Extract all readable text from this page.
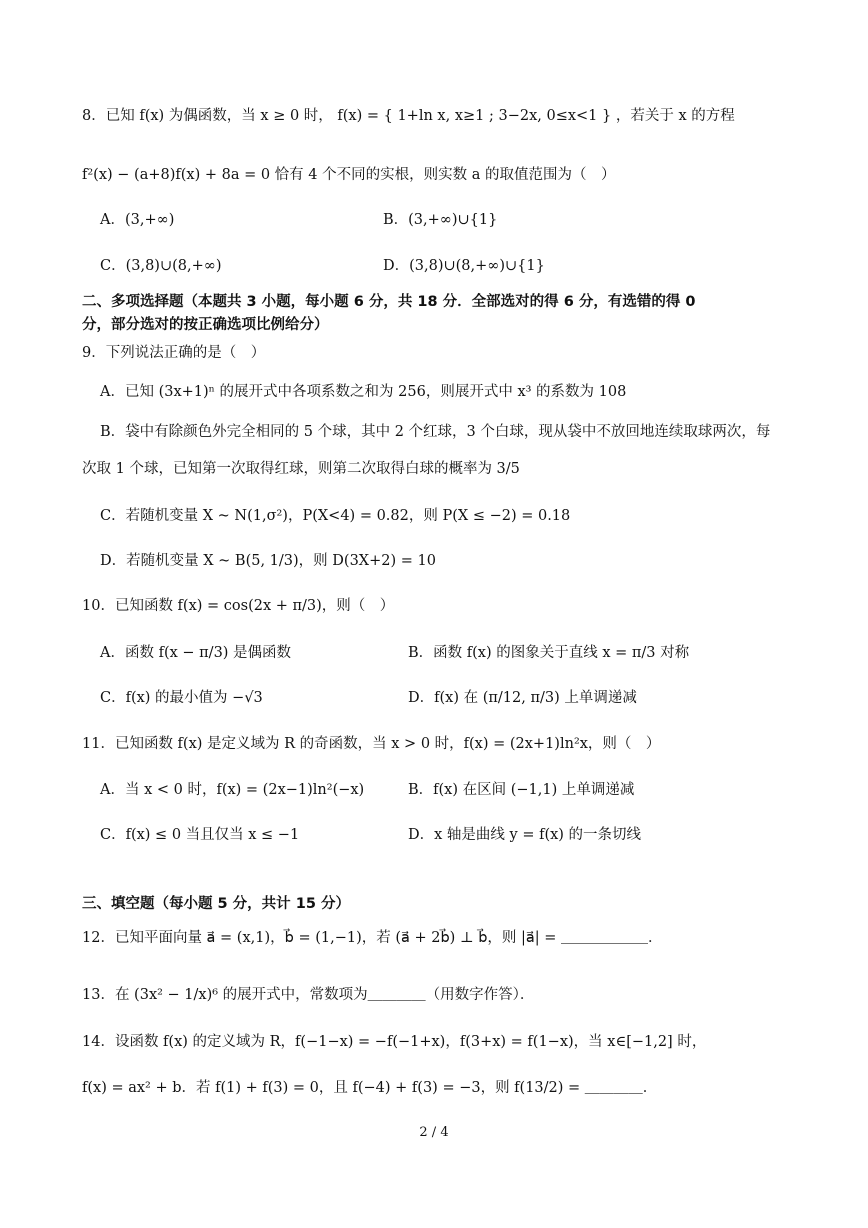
8．已知 f(x) 为偶函数，当 x ≥ 0 时， f(x) = { 1+ln x, x≥1 ; 3−2x, 0≤x<1 } ，若关于 x 的方程
f²(x) − (a+8)f(x) + 8a = 0 恰有 4 个不同的实根，则实数 a 的取值范围为（　）
A．(3,+∞)	B．(3,+∞)∪{1}
C．(3,8)∪(8,+∞)	D．(3,8)∪(8,+∞)∪{1}
二、多项选择题（本题共 3 小题，每小题 6 分，共 18 分．全部选对的得 6 分，有选错的得 0
分，部分选对的按正确选项比例给分）
9．下列说法正确的是（　）
A．已知 (3x+1)ⁿ 的展开式中各项系数之和为 256，则展开式中 x³ 的系数为 108
B．袋中有除颜色外完全相同的 5 个球，其中 2 个红球，3 个白球，现从袋中不放回地连续取球两次，每
次取 1 个球，已知第一次取得红球，则第二次取得白球的概率为 3/5
C．若随机变量 X ~ N(1,σ²)，P(X<4) = 0.82，则 P(X ≤ −2) = 0.18
D．若随机变量 X ~ B(5, 1/3)，则 D(3X+2) = 10
10．已知函数 f(x) = cos(2x + π/3)，则（　）
A．函数 f(x − π/3) 是偶函数	B．函数 f(x) 的图象关于直线 x = π/3 对称
C．f(x) 的最小值为 −√3	D．f(x) 在 (π/12, π/3) 上单调递减
11．已知函数 f(x) 是定义域为 R 的奇函数，当 x > 0 时，f(x) = (2x+1)ln²x，则（　）
A．当 x < 0 时，f(x) = (2x−1)ln²(−x)	B．f(x) 在区间 (−1,1) 上单调递减
C．f(x) ≤ 0 当且仅当 x ≤ −1	D．x 轴是曲线 y = f(x) 的一条切线
三、填空题（每小题 5 分，共计 15 分）
12．已知平面向量 a⃗ = (x,1)，b⃗ = (1,−1)，若 (a⃗ + 2b⃗) ⊥ b⃗，则 |a⃗| = ＿＿＿＿＿＿．
13．在 (3x² − 1/x)⁶ 的展开式中，常数项为＿＿＿＿（用数字作答）．
14．设函数 f(x) 的定义域为 R，f(−1−x) = −f(−1+x)，f(3+x) = f(1−x)，当 x∈[−1,2] 时，
f(x) = ax² + b．若 f(1) + f(3) = 0，且 f(−4) + f(3) = −3，则 f(13/2) = ＿＿＿＿．
2 / 4
